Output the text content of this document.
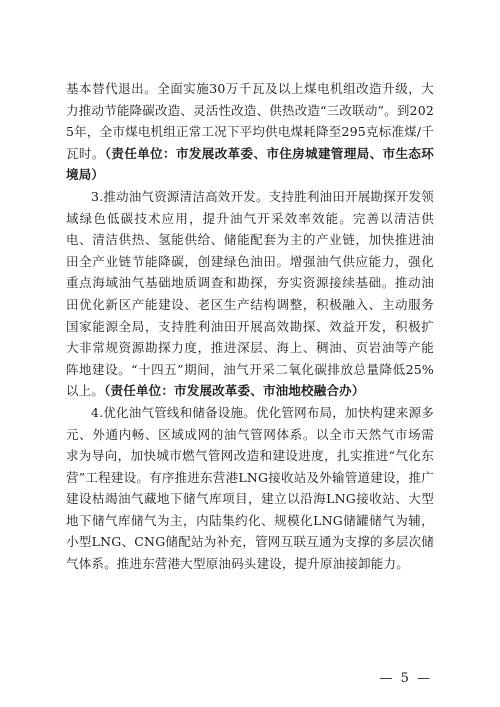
基本替代退出。全面实施30万千瓦及以上煤电机组改造升级，大力推动节能降碳改造、灵活性改造、供热改造“三改联动”。到2025年，全市煤电机组正常工况下平均供电煤耗降至295克标准煤/千瓦时。（责任单位：市发展改革委、市住房城建管理局、市生态环境局）

3.推动油气资源清洁高效开发。支持胜利油田开展勘探开发领域绿色低碳技术应用，提升油气开采效率效能。完善以清洁供电、清洁供热、氢能供给、储能配套为主的产业链，加快推进油田全产业链节能降碳，创建绿色油田。增强油气供应能力，强化重点海域油气基础地质调查和勘探，夯实资源接续基础。推动油田优化新区产能建设、老区生产结构调整，积极融入、主动服务国家能源全局，支持胜利油田开展高效勘探、效益开发，积极扩大非常规资源勘探力度，推进深层、海上、稠油、页岩油等产能阵地建设。“十四五”期间，油气开采二氧化碳排放总量降低25%以上。（责任单位：市发展改革委、市油地校融合办）

4.优化油气管线和储备设施。优化管网布局，加快构建来源多元、外通内畅、区域成网的油气管网体系。以全市天然气市场需求为导向，加快城市燃气管网改造和建设进度，扎实推进“气化东营”工程建设。有序推进东营港LNG接收站及外输管道建设，推广建设枯竭油气藏地下储气库项目，建立以沿海LNG接收站、大型地下储气库储气为主，内陆集约化、规模化LNG储罐储气为辅，小型LNG、CNG储配站为补充，管网互联互通为支撑的多层次储气体系。推进东营港大型原油码头建设，提升原油接卸能力。

— 5 —
